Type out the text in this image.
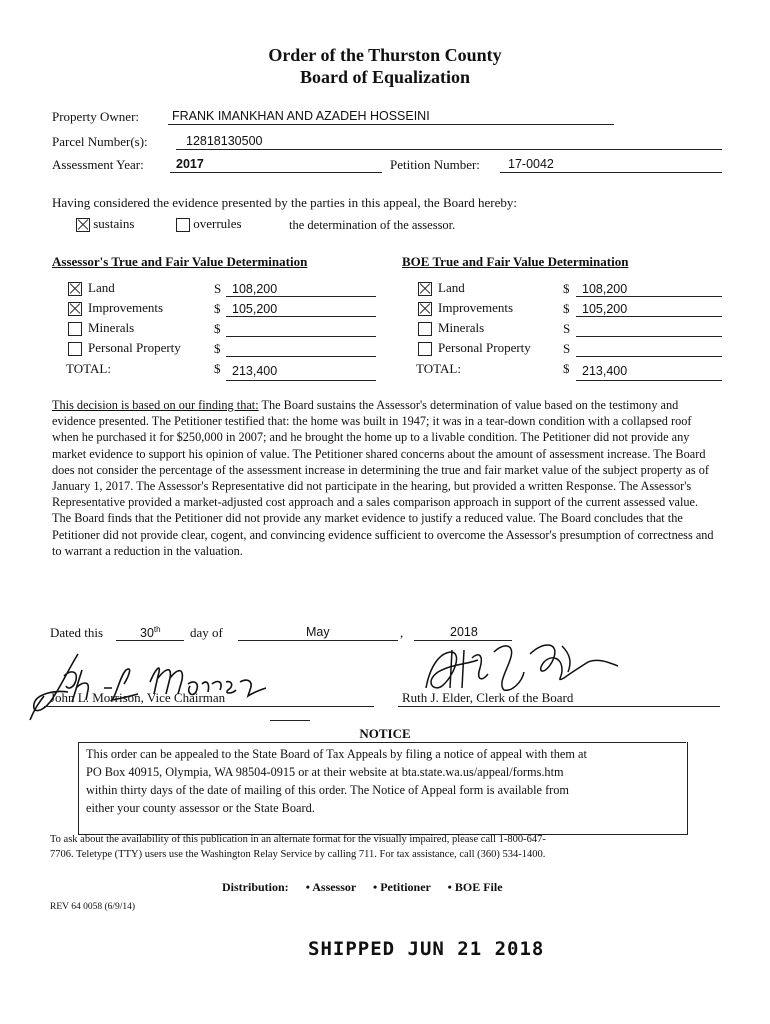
Order of the Thurston County
Board of Equalization
Property Owner:	FRANK IMANKHAN AND AZADEH HOSSEINI
Parcel Number(s):	12818130500
Assessment Year:	2017	Petition Number: 17-0042
Having considered the evidence presented by the parties in this appeal, the Board hereby:
sustains	overrules	the determination of the assessor.
Assessor's True and Fair Value Determination
Land	S 108,200
Improvements	$ 105,200
Minerals	$
Personal Property	$
TOTAL:	$ 213,400
BOE True and Fair Value Determination
Land	$ 108,200
Improvements	$ 105,200
Minerals	S
Personal Property S
TOTAL:	$ 213,400
This decision is based on our finding that: The Board sustains the Assessor's determination of value based on the testimony and evidence presented. The Petitioner testified that: the home was built in 1947; it was in a tear-down condition with a collapsed roof when he purchased it for $250,000 in 2007; and he brought the home up to a livable condition. The Petitioner did not provide any market evidence to support his opinion of value. The Petitioner shared concerns about the amount of assessment increase. The Board does not consider the percentage of the assessment increase in determining the true and fair market value of the subject property as of January 1, 2017. The Assessor's Representative did not participate in the hearing, but provided a written Response. The Assessor's Representative provided a market-adjusted cost approach and a sales comparison approach in support of the current assessed value. The Board finds that the Petitioner did not provide any market evidence to justify a reduced value. The Board concludes that the Petitioner did not provide clear, cogent, and convincing evidence sufficient to overcome the Assessor's presumption of correctness and to warrant a reduction in the valuation.
Dated this	30th day of	May	,	2018
John L. Morrison, Vice Chairman	Ruth J. Elder, Clerk of the Board
NOTICE
This order can be appealed to the State Board of Tax Appeals by filing a notice of appeal with them at
PO Box 40915, Olympia, WA 98504-0915 or at their website at bta.state.wa.us/appeal/forms.htm
within thirty days of the date of mailing of this order. The Notice of Appeal form is available from
either your county assessor or the State Board.
To ask about the availability of this publication in an alternate format for the visually impaired, please call 1-800-647-
7706. Teletype (TTY) users use the Washington Relay Service by calling 711. For tax assistance, call (360) 534-1400.
Distribution: • Assessor • Petitioner • BOE File
REV 64 0058 (6/9/14)
SHIPPED JUN 21 2018
